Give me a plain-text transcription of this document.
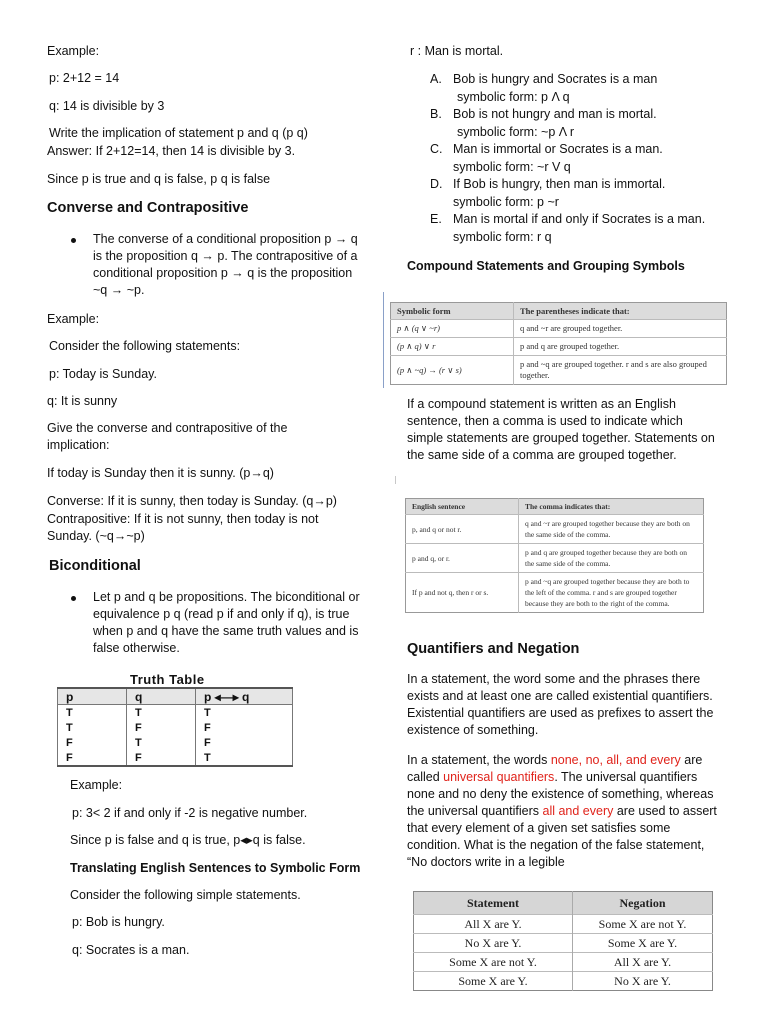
Example:
p: 2+12 = 14
q: 14 is divisible by 3
Write the implication of statement p and q (p q)
Answer: If 2+12=14, then 14 is divisible by 3.
Since p is true and q is false, p q is false
Converse and Contrapositive
The converse of a conditional proposition p → q is the proposition q → p. The contrapositive of a conditional proposition p → q is the proposition ~q → ~p.
Example:
Consider the following statements:
p: Today is Sunday.
q: It is sunny
Give the converse and contrapositive of the implication:
If today is Sunday then it is sunny. (p→q)
Converse: If it is sunny, then today is Sunday. (q→p)
Contrapositive: If it is not sunny, then today is not Sunday. (~q→~p)
Biconditional
Let p and q be propositions. The biconditional or equivalence p q (read p if and only if q), is true when p and q have the same truth values and is false otherwise.
Truth Table
p	q	p ◂—▸ q
T	T	T
T	F	F
F	T	F
F	F	T
Example:
p: 3< 2 if and only if -2 is negative number.
Since p is false and q is true, p◂▸q is false.
Translating English Sentences to Symbolic Form
Consider the following simple statements.
p: Bob is hungry.
q: Socrates is a man.
r : Man is mortal.
A. Bob is hungry and Socrates is a man
symbolic form: p Λ q
B. Bob is not hungry and man is mortal.
symbolic form: ~p Λ r
C. Man is immortal or Socrates is a man.
symbolic form: ~r V q
D. If Bob is hungry, then man is immortal.
symbolic form: p ~r
E. Man is mortal if and only if Socrates is a man.
symbolic form: r q
Compound Statements and Grouping Symbols
Symbolic form	The parentheses indicate that:
p ∧ (q ∨ ~r)	q and ~r are grouped together.
(p ∧ q) ∨ r	p and q are grouped together.
(p ∧ ~q) → (r ∨ s)	p and ~q are grouped together. r and s are also grouped together.
If a compound statement is written as an English sentence, then a comma is used to indicate which simple statements are grouped together. Statements on the same side of a comma are grouped together.
English sentence	The comma indicates that:
p, and q or not r.	q and ~r are grouped together because they are both on the same side of the comma.
p and q, or r.	p and q are grouped together because they are both on the same side of the comma.
If p and not q, then r or s.	p and ~q are grouped together because they are both to the left of the comma. r and s are grouped together because they are both to the right of the comma.
Quantifiers and Negation
In a statement, the word some and the phrases there exists and at least one are called existential quantifiers. Existential quantifiers are used as prefixes to assert the existence of something.
In a statement, the words none, no, all, and every are called universal quantifiers. The universal quantifiers none and no deny the existence of something, whereas the universal quantifiers all and every are used to assert that every element of a given set satisfies some condition. What is the negation of the false statement, “No doctors write in a legible
Statement	Negation
All X are Y.	Some X are not Y.
No X are Y.	Some X are Y.
Some X are not Y.	All X are Y.
Some X are Y.	No X are Y.
